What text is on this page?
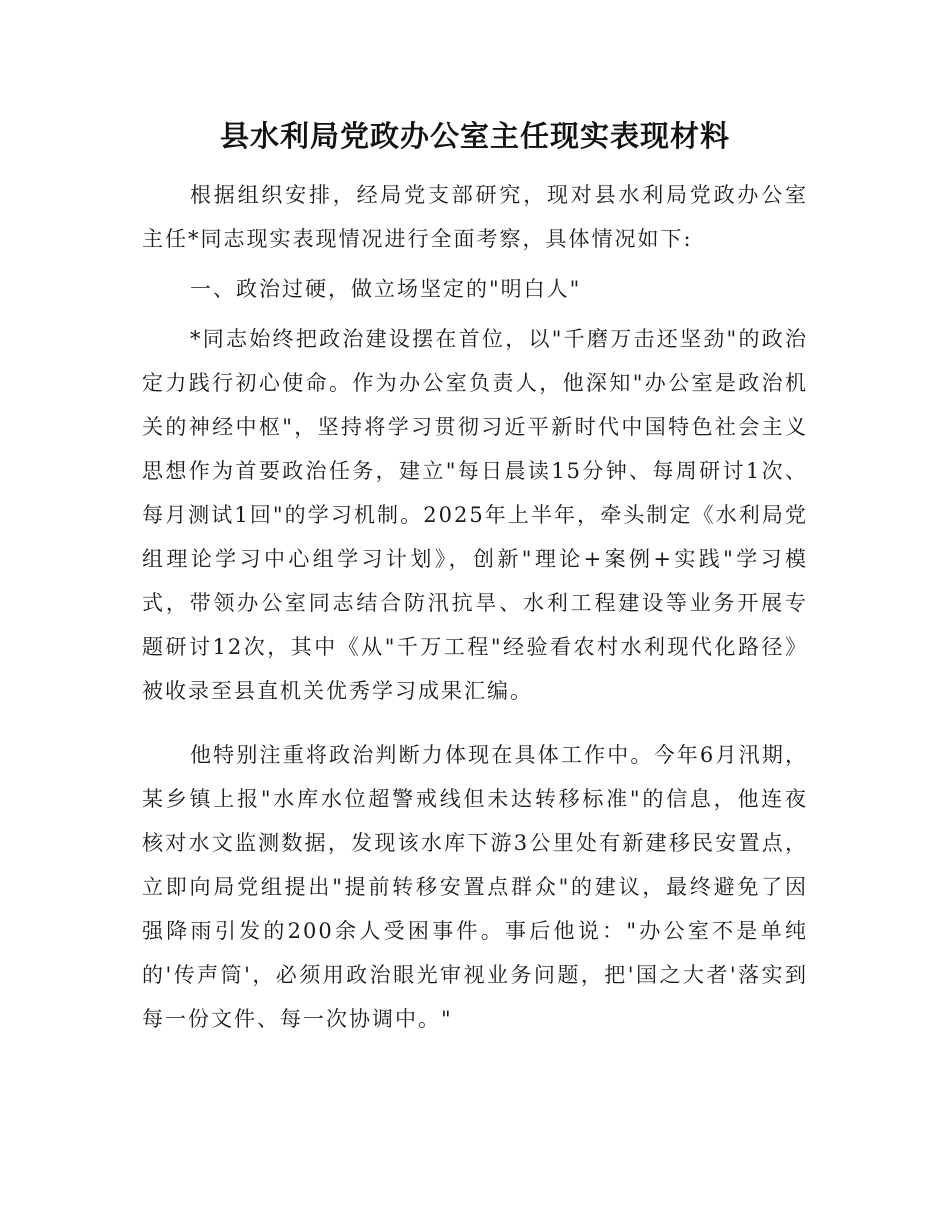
县水利局党政办公室主任现实表现材料

根据组织安排，经局党支部研究，现对县水利局党政办公室主任*同志现实表现情况进行全面考察，具体情况如下:

一、政治过硬，做立场坚定的"明白人"

*同志始终把政治建设摆在首位，以"千磨万击还坚劲"的政治定力践行初心使命。作为办公室负责人，他深知"办公室是政治机关的神经中枢"，坚持将学习贯彻习近平新时代中国特色社会主义思想作为首要政治任务，建立"每日晨读15分钟、每周研讨1次、每月测试1回"的学习机制。2025年上半年，牵头制定《水利局党组理论学习中心组学习计划》，创新"理论+案例+实践"学习模式，带领办公室同志结合防汛抗旱、水利工程建设等业务开展专题研讨12次，其中《从"千万工程"经验看农村水利现代化路径》被收录至县直机关优秀学习成果汇编。

他特别注重将政治判断力体现在具体工作中。今年6月汛期，某乡镇上报"水库水位超警戒线但未达转移标准"的信息，他连夜核对水文监测数据，发现该水库下游3公里处有新建移民安置点，立即向局党组提出"提前转移安置点群众"的建议，最终避免了因强降雨引发的200余人受困事件。事后他说："办公室不是单纯的'传声筒'，必须用政治眼光审视业务问题，把'国之大者'落实到每一份文件、每一次协调中。"
